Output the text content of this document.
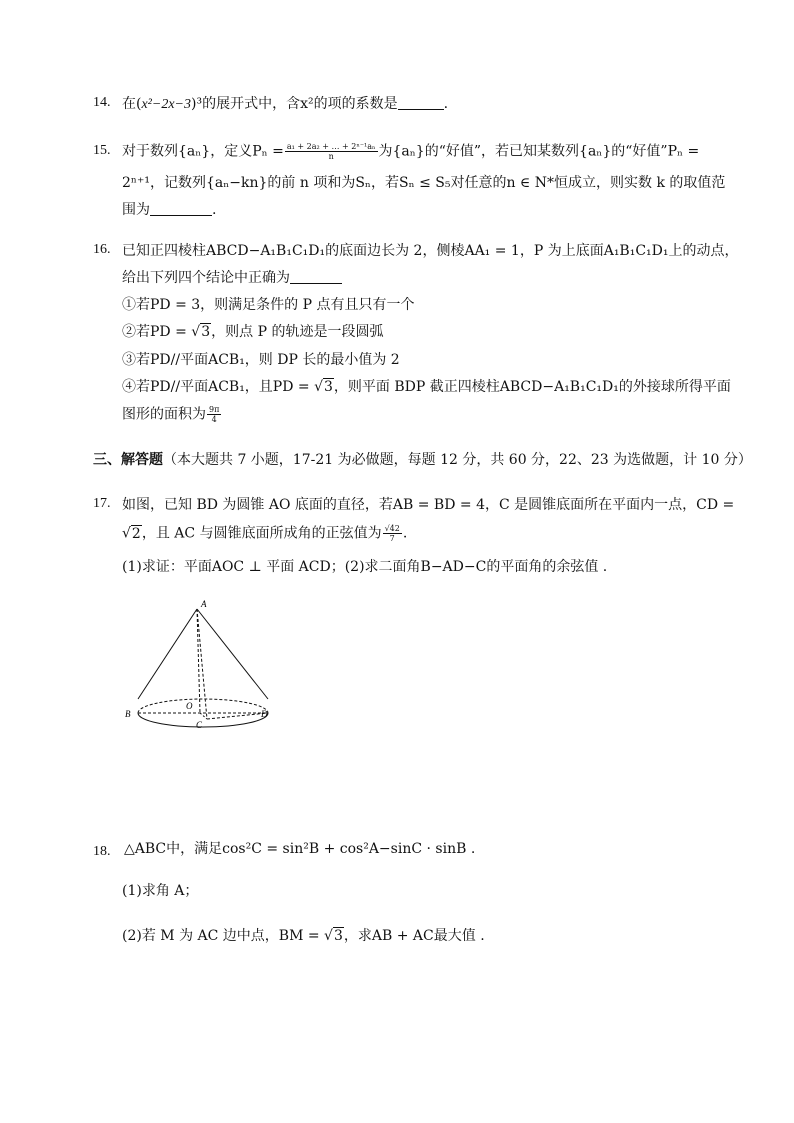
14. 在(x²−2x−3)³的展开式中，含x²的项的系数是	.
15. 对于数列{aₙ}，定义$P_n = \frac{\text{a₁ + 2a₂ + … + 2ⁿ⁻¹aₙ}}{n}$ 为{aₙ}的“好值”，若已知某数列{aₙ}的“好值”Pₙ =
2ⁿ⁺¹，记数列{aₙ−kn}的前 n 项和为Sₙ，若Sₙ ≤ S₅对任意的n ∈ N*恒成立，则实数 k 的取值范
围为	.
16. 已知正四棱柱ABCD−A₁B₁C₁D₁的底面边长为 2，侧棱AA₁ = 1，P 为上底面A₁B₁C₁D₁上的动点，
给出下列四个结论中正确为
①若PD = 3，则满足条件的 P 点有且只有一个
②若PD = √3，则点 P 的轨迹是一段圆弧
③若PD//平面ACB₁，则 DP 长的最小值为 2
④若PD//平面ACB₁，且PD = √3，则平面 BDP 截正四棱柱ABCD−A₁B₁C₁D₁的外接球所得平面
图形的面积为 $\frac{9\pi}{4}$
三、解答题（本大题共 7 小题，17-21 为必做题，每题 12 分，共 60 分，22、23 为选做题，计 10 分）
17. 如图，已知 BD 为圆锥 AO 底面的直径，若AB = BD = 4，C 是圆锥底面所在平面内一点，CD =
√2，且 AC 与圆锥底面所成角的正弦值为 $\frac{√42}{7}$ .
(1)求证：平面AOC ⊥ 平面 ACD；(2)求二面角B−AD−C的平面角的余弦值 .
A
B
O
C
D
18. △ABC中，满足cos²C = sin²B + cos²A−sinC · sinB .
(1)求角 A；
(2)若 M 为 AC 边中点，BM = √3，求AB + AC最大值 .
